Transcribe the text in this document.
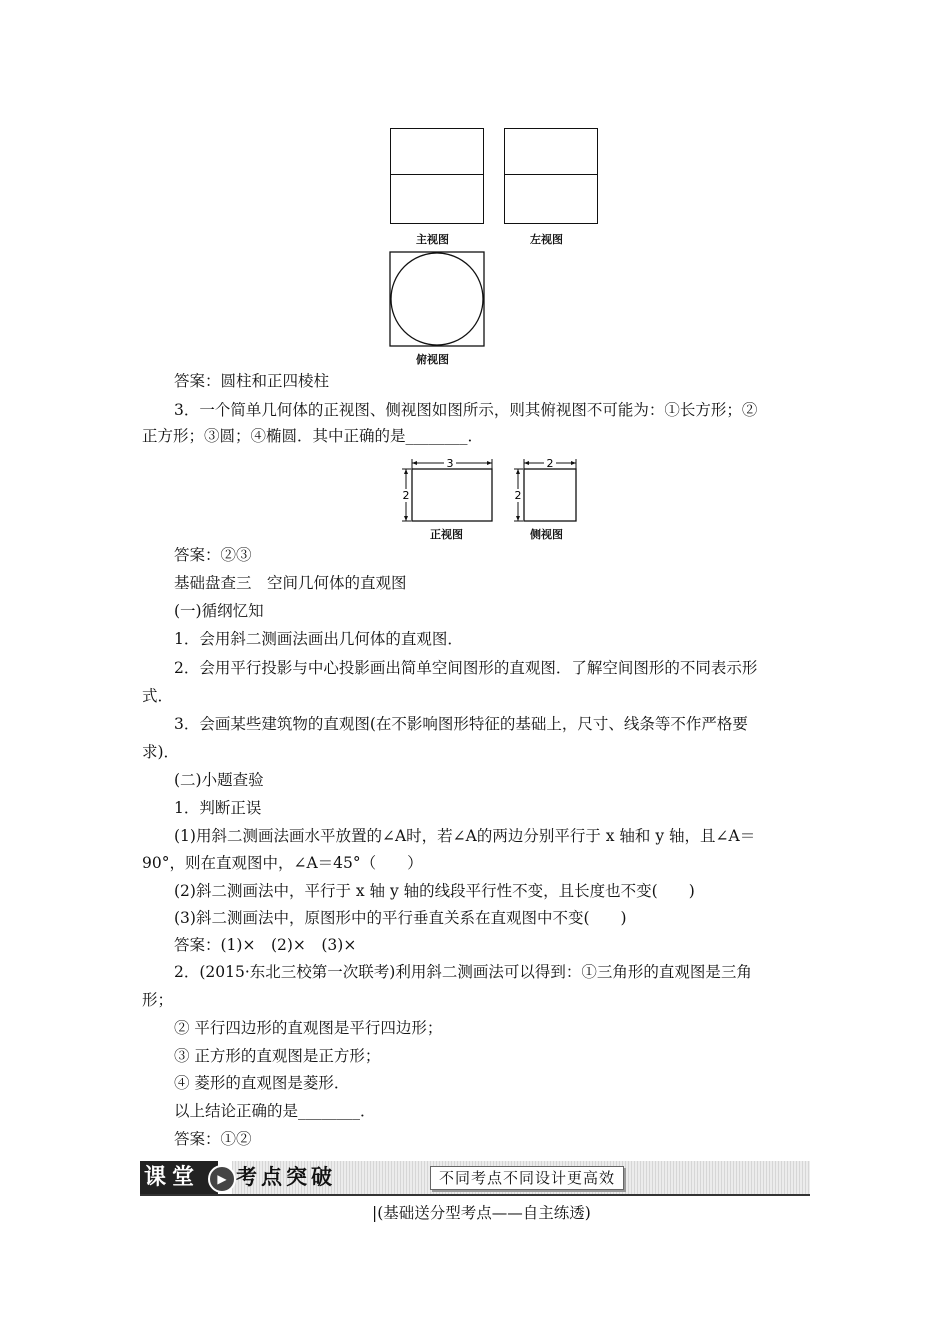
主视图	左视图
俯视图
答案：圆柱和正四棱柱
3．一个简单几何体的正视图、侧视图如图所示，则其俯视图不可能为：①长方形；②
正方形；③圆；④椭圆．其中正确的是________．
3
2
正视图
2
2
侧视图
答案：②③
基础盘查三　空间几何体的直观图
(一)循纲忆知
1．会用斜二测画法画出几何体的直观图．
2．会用平行投影与中心投影画出简单空间图形的直观图．了解空间图形的不同表示形
式．
3．会画某些建筑物的直观图(在不影响图形特征的基础上，尺寸、线条等不作严格要
求)．
(二)小题查验
1．判断正误
(1)用斜二测画法画水平放置的∠A时，若∠A的两边分别平行于 x 轴和 y 轴，且∠A＝
90°，则在直观图中，∠A＝45°（　　）
(2)斜二测画法中，平行于 x 轴 y 轴的线段平行性不变，且长度也不变(　　)
(3)斜二测画法中，原图形中的平行垂直关系在直观图中不变(　　)
答案：(1)×　(2)×　(3)×
2．(2015·东北三校第一次联考)利用斜二测画法可以得到：①三角形的直观图是三角
形；
② 平行四边形的直观图是平行四边形；
③ 正方形的直观图是正方形；
④ 菱形的直观图是菱形．
以上结论正确的是________．
答案：①②
课堂	▶ 考点突破	不同考点不同设计更高效
|(基础送分型考点——自主练透)
